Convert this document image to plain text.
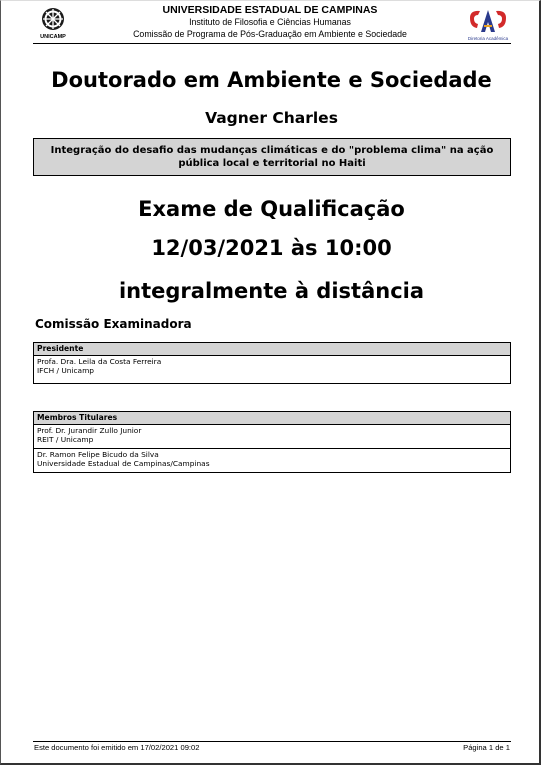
UNICAMP
UNIVERSIDADE ESTADUAL DE CAMPINAS
Instituto de Filosofia e Ciências Humanas
Comissão de Programa de Pós-Graduação em Ambiente e Sociedade	Diretoria Acadêmica
Doutorado em Ambiente e Sociedade
Vagner Charles
Integração do desafio das mudanças climáticas e do "problema clima" na ação pública local e territorial no Haiti
Exame de Qualificação
12/03/2021 às 10:00
integralmente à distância
Comissão Examinadora
Presidente
Profa. Dra. Leila da Costa Ferreira
IFCH / Unicamp
Membros Titulares
Prof. Dr. Jurandir Zullo Junior
REIT / Unicamp
Dr. Ramon Felipe Bicudo da Silva
Universidade Estadual de Campinas/Campinas
Este documento foi emitido em 17/02/2021 09:02	Página 1 de 1
